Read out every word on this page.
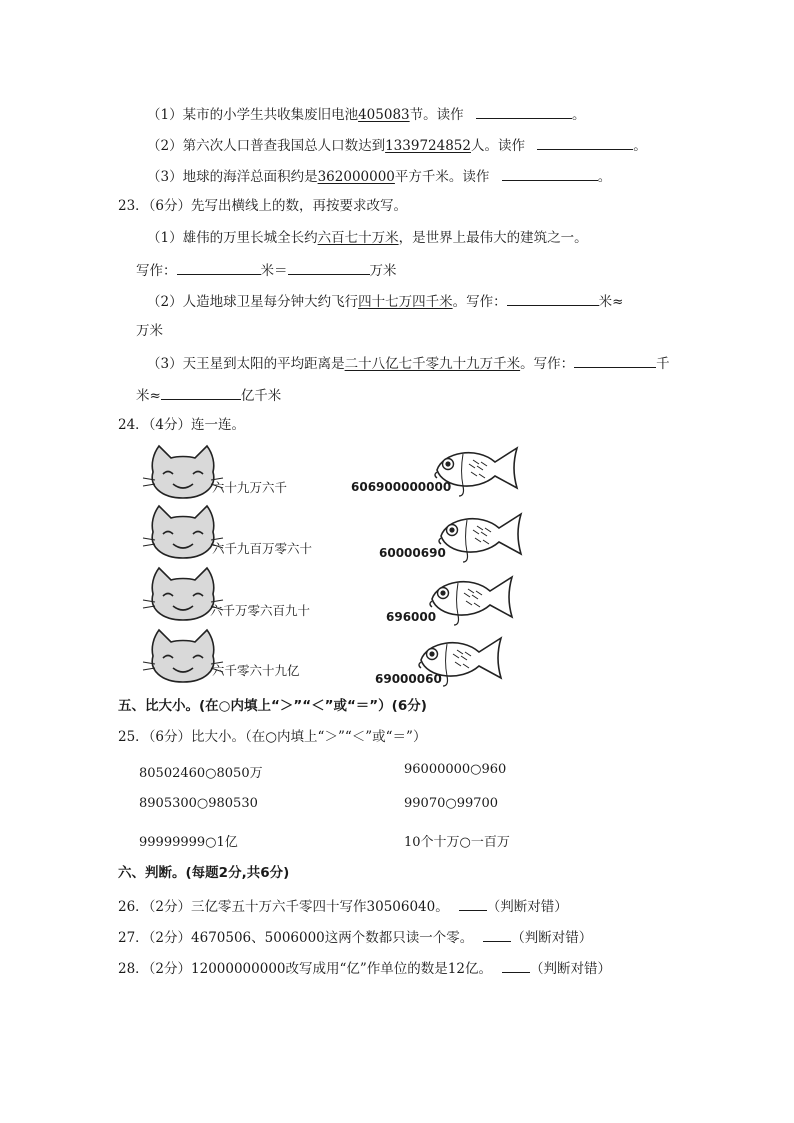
（1）某市的小学生共收集废旧电池405083节。读作	。
（2）第六次人口普查我国总人口数达到1339724852人。读作	。
（3）地球的海洋总面积约是362000000平方千米。读作	。
23．（6分）先写出横线上的数，再按要求改写。
（1）雄伟的万里长城全长约六百七十万米，是世界上最伟大的建筑之一。
写作：	米＝	万米
（2）人造地球卫星每分钟大约飞行四十七万四千米。写作：	米≈
万米
（3）天王星到太阳的平均距离是二十八亿七千零九十九万千米。写作：	千
米≈	亿千米
24．（4分）连一连。
六十九万六千
六千九百万零六十
六千万零六百九十
六千零六十九亿
606900000000
60000690
696000
69000060
五、比大小。(在○内填上“＞”“＜”或“＝”）(6分)
25．（6分）比大小。（在○内填上“＞”“＜”或“＝”）
80502460○8050万	96000000○960
8905300○980530	99070○99700
99999999○1亿	10个十万○一百万
六、判断。(每题2分,共6分)
26．（2分）三亿零五十万六千零四十写作30506040。	（判断对错）
27．（2分）4670506、5006000这两个数都只读一个零。	（判断对错）
28．（2分）12000000000改写成用“亿”作单位的数是12亿。	（判断对错）
